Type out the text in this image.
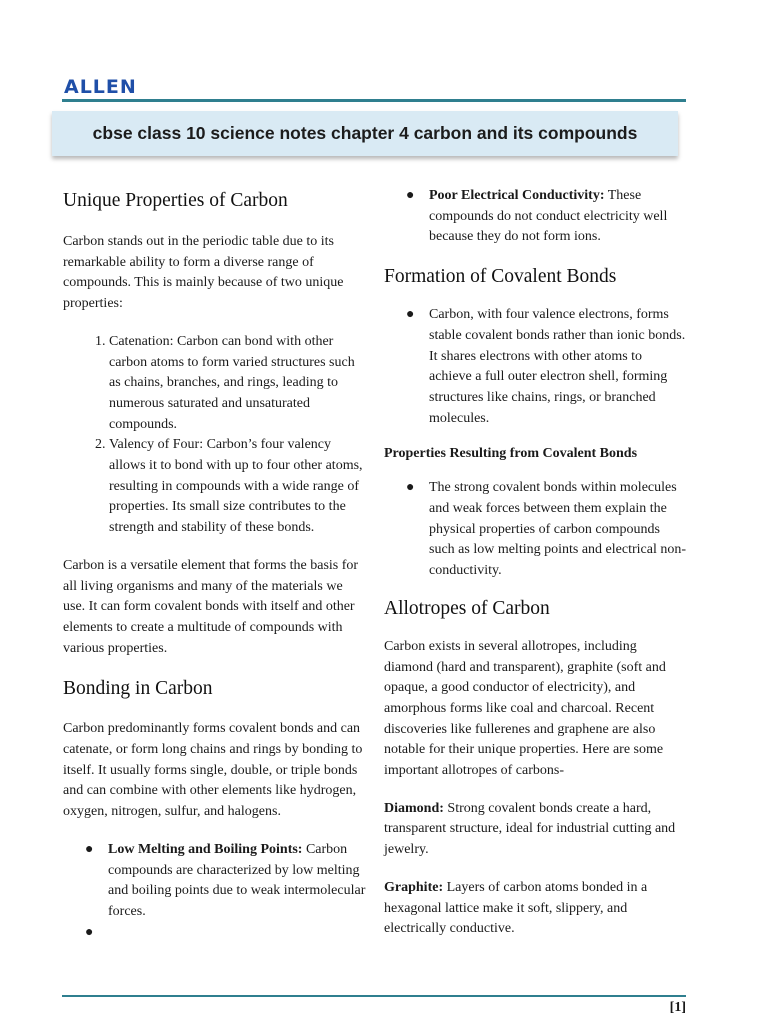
ALLEN
cbse class 10 science notes chapter 4 carbon and its compounds
Unique Properties of Carbon

Carbon stands out in the periodic table due to its remarkable ability to form a diverse range of compounds. This is mainly because of two unique properties:

1. Catenation: Carbon can bond with other carbon atoms to form varied structures such as chains, branches, and rings, leading to numerous saturated and unsaturated compounds.
2. Valency of Four: Carbon’s four valency allows it to bond with up to four other atoms, resulting in compounds with a wide range of properties. Its small size contributes to the strength and stability of these bonds.

Carbon is a versatile element that forms the basis for all living organisms and many of the materials we use. It can form covalent bonds with itself and other elements to create a multitude of compounds with various properties.

Bonding in Carbon

Carbon predominantly forms covalent bonds and can catenate, or form long chains and rings by bonding to itself. It usually forms single, double, or triple bonds and can combine with other elements like hydrogen, oxygen, nitrogen, sulfur, and halogens.

● Low Melting and Boiling Points: Carbon compounds are characterized by low melting and boiling points due to weak intermolecular forces.
●
● Poor Electrical Conductivity: These compounds do not conduct electricity well because they do not form ions.
Formation of Covalent Bonds
● Carbon, with four valence electrons, forms stable covalent bonds rather than ionic bonds. It shares electrons with other atoms to achieve a full outer electron shell, forming structures like chains, rings, or branched molecules.
Properties Resulting from Covalent Bonds
● The strong covalent bonds within molecules and weak forces between them explain the physical properties of carbon compounds such as low melting points and electrical non-conductivity.
Allotropes of Carbon

Carbon exists in several allotropes, including diamond (hard and transparent), graphite (soft and opaque, a good conductor of electricity), and amorphous forms like coal and charcoal. Recent discoveries like fullerenes and graphene are also notable for their unique properties. Here are some important allotropes of carbons-

Diamond: Strong covalent bonds create a hard, transparent structure, ideal for industrial cutting and jewelry.

Graphite: Layers of carbon atoms bonded in a hexagonal lattice make it soft, slippery, and electrically conductive.

[1]
